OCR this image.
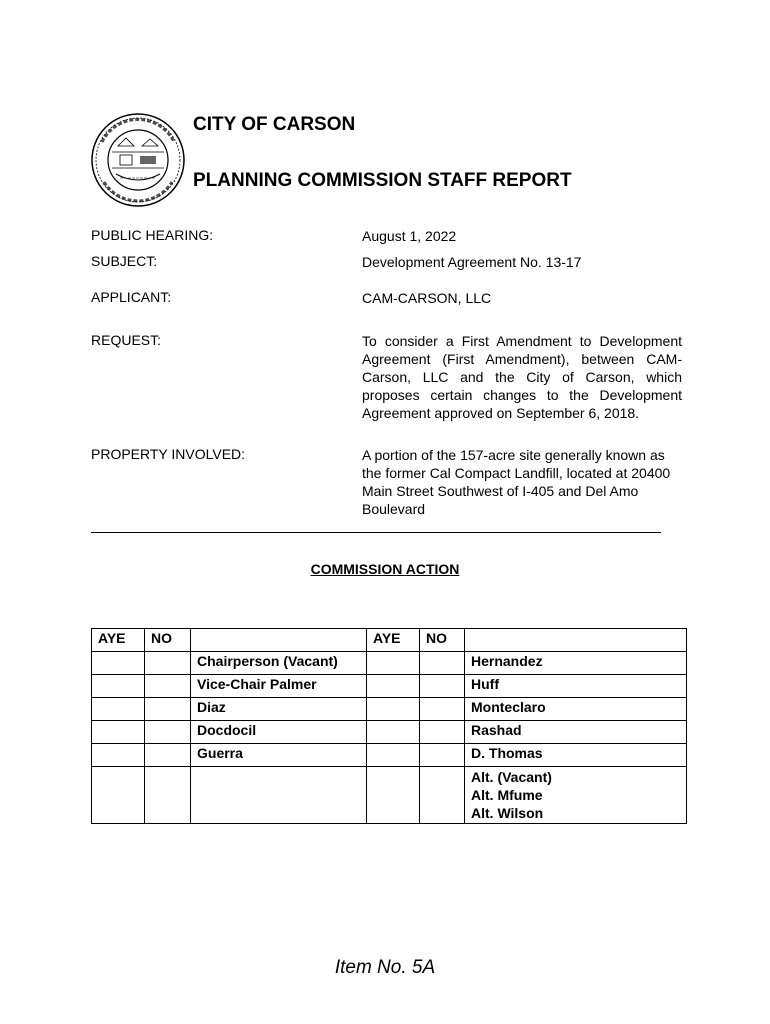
CITY OF CARSON
PLANNING COMMISSION STAFF REPORT
PUBLIC HEARING:	August 1, 2022
SUBJECT:	Development Agreement No. 13-17
APPLICANT:	CAM-CARSON, LLC
REQUEST:	To consider a First Amendment to Development Agreement (First Amendment), between CAM-Carson, LLC and the City of Carson, which proposes certain changes to the Development Agreement approved on September 6, 2018.
PROPERTY INVOLVED:	A portion of the 157-acre site generally known as the former Cal Compact Landfill, located at 20400 Main Street Southwest of I-405 and Del Amo Boulevard
COMMISSION ACTION
AYE	NO		AYE	NO	
		Chairperson (Vacant)			Hernandez
		Vice-Chair Palmer			Huff
		Diaz			Monteclaro
		Docdocil			Rashad
		Guerra			D. Thomas

					Alt. (Vacant)
Alt. Mfume
Alt. Wilson
Item No. 5A
